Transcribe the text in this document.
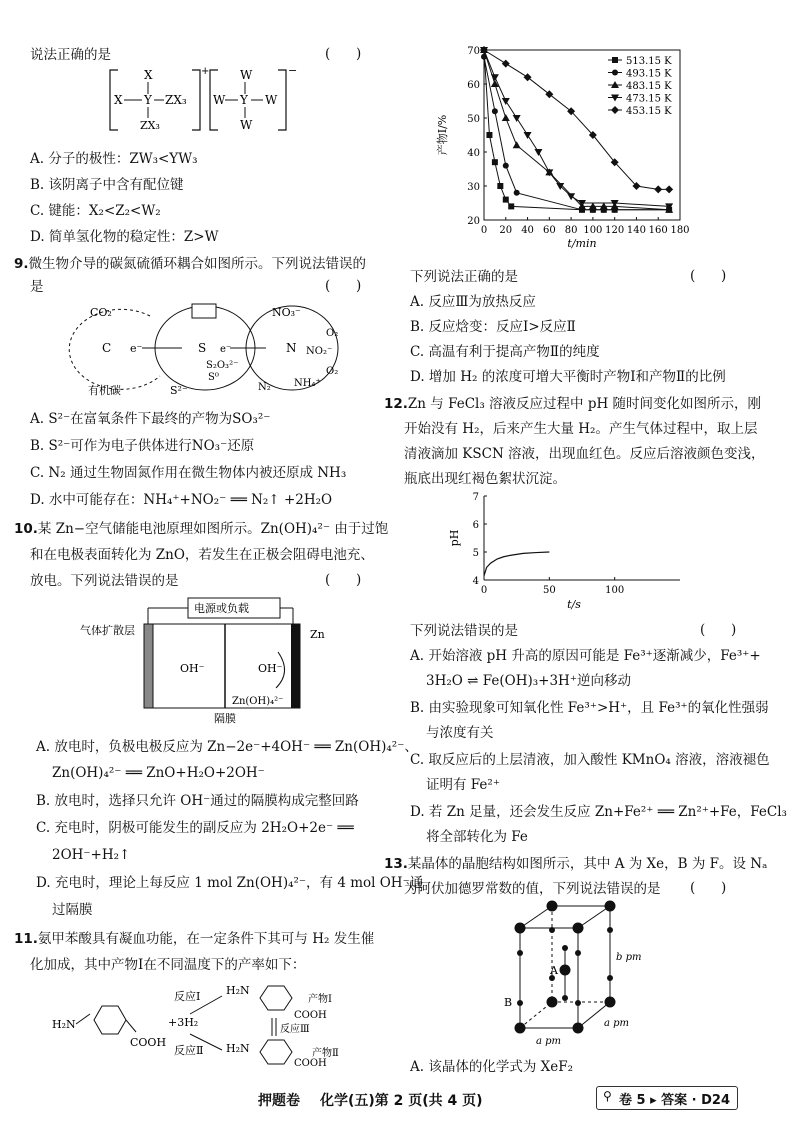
说法正确的是	(      )
X
X Y ZX₃
ZX₃
+	W
W Y W
W
−
A. 分子的极性：ZW₃<YW₃
B. 该阴离子中含有配位键
C. 键能：X₂<Z₂<W₂
D. 简单氢化物的稳定性：Z>W
9.微生物介导的碳氮硫循环耦合如图所示。下列说法错误的
是	(      )
CO₂
C e⁻
有机碳
S e⁻
S₂O₃²⁻
S⁰
S²⁻
NO₃⁻
N
O₂
NO₂⁻
O₂
NH₄⁺
N₂
A. S²⁻在富氧条件下最终的产物为SO₃²⁻
B. S²⁻可作为电子供体进行NO₃⁻还原
C. N₂ 通过生物固氮作用在微生物体内被还原成 NH₃
D. 水中可能存在：NH₄⁺+NO₂⁻ ══ N₂↑ +2H₂O
10.某 Zn−空气储能电池原理如图所示。Zn(OH)₄²⁻ 由于过饱
和在电极表面转化为 ZnO，若发生在正极会阻碍电池充、
放电。下列说法错误的是	(      )
电源或负载
气体扩散层	Zn
OH⁻	OH⁻
Zn(OH)₄²⁻
隔膜
A. 放电时，负极电极反应为 Zn−2e⁻+4OH⁻ ══ Zn(OH)₄²⁻、
Zn(OH)₄²⁻ ══ ZnO+H₂O+2OH⁻
B. 放电时，选择只允许 OH⁻通过的隔膜构成完整回路
C. 充电时，阴极可能发生的副反应为 2H₂O+2e⁻ ══
2OH⁻+H₂↑
D. 充电时，理论上每反应 1 mol Zn(OH)₄²⁻，有 4 mol OH⁻通
过隔膜
11.氨甲苯酸具有凝血功能，在一定条件下其可与 H₂ 发生催
化加成，其中产物Ⅰ在不同温度下的产率如下：
H₂N
COOH
+3H₂
反应Ⅰ
反应Ⅱ
H₂N
COOH
产物Ⅰ
反应Ⅲ
H₂N
COOH
产物Ⅱ
0 20 40 60 80 100 120 140 160 180
20
30
40
50
60
70
t/min
产物Ⅰ/%
513.15 K
493.15 K
483.15 K
473.15 K
453.15 K
下列说法正确的是	(      )
A. 反应Ⅲ为放热反应
B. 反应焓变：反应Ⅰ>反应Ⅱ
C. 高温有利于提高产物Ⅱ的纯度
D. 增加 H₂ 的浓度可增大平衡时产物Ⅰ和产物Ⅱ的比例
12.Zn 与 FeCl₃ 溶液反应过程中 pH 随时间变化如图所示，刚
开始没有 H₂，后来产生大量 H₂。产生气体过程中，取上层
清液滴加 KSCN 溶液，出现血红色。反应后溶液颜色变浅，
瓶底出现红褐色絮状沉淀。
0	50	100
4
5
6
7
t/s
pH
下列说法错误的是	(      )
A. 开始溶液 pH 升高的原因可能是 Fe³⁺逐渐减少，Fe³⁺+
3H₂O ⇌ Fe(OH)₃+3H⁺逆向移动
B. 由实验现象可知氧化性 Fe³⁺>H⁺，且 Fe³⁺的氧化性强弱
与浓度有关
C. 取反应后的上层清液，加入酸性 KMnO₄ 溶液，溶液褪色
证明有 Fe²⁺
D. 若 Zn 足量，还会发生反应 Zn+Fe²⁺ ══ Zn²⁺+Fe，FeCl₃
将全部转化为 Fe
13.某晶体的晶胞结构如图所示，其中 A 为 Xe，B 为 F。设 Nₐ
为阿伏加德罗常数的值，下列说法错误的是 (      )
A
B
b pm
a pm
a pm
A. 该晶体的化学式为 XeF₂
押题卷 化学(五)第 2 页(共 4 页)	⚲ 卷 5 ▸ 答案 · D24
